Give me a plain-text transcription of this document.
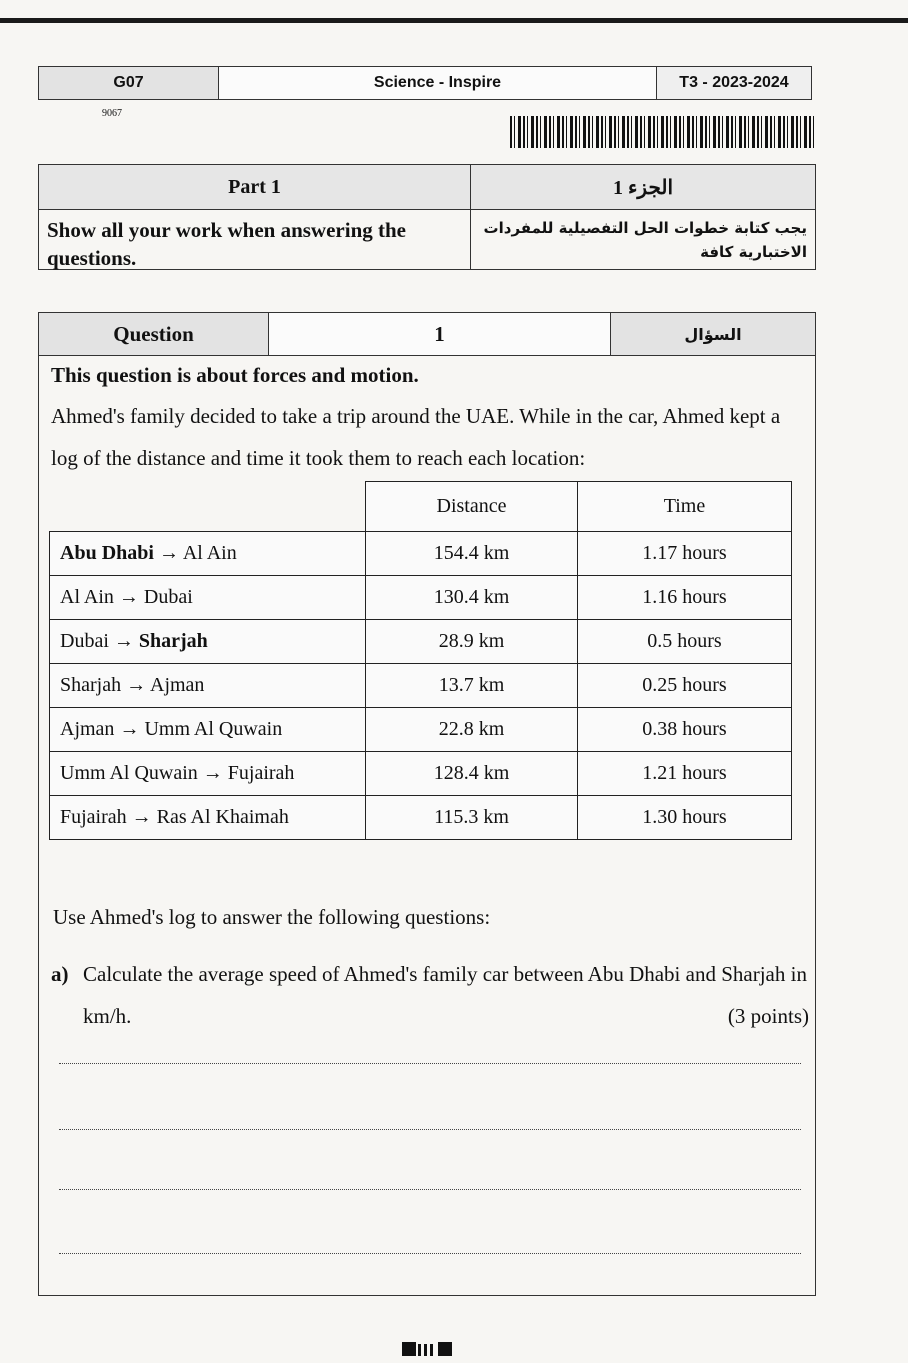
G07	Science - Inspire	T3 - 2023-2024
9067
Part 1	الجزء 1
Show all your work when answering the questions.
يجب كتابة خطوات الحل التفصيلية للمفردات الاختبارية كافة
Question	1	السؤال
This question is about forces and motion.
Ahmed's family decided to take a trip around the UAE. While in the car, Ahmed kept a log of the distance and time it took them to reach each location:
	Distance	Time
Abu Dhabi → Al Ain	154.4 km	1.17 hours
Al Ain → Dubai	130.4 km	1.16 hours
Dubai → Sharjah	28.9 km	0.5 hours
Sharjah → Ajman	13.7 km	0.25 hours
Ajman → Umm Al Quwain	22.8 km	0.38 hours
Umm Al Quwain → Fujairah	128.4 km	1.21 hours
Fujairah → Ras Al Khaimah	115.3 km	1.30 hours
Use Ahmed's log to answer the following questions:
a) Calculate the average speed of Ahmed's family car between Abu Dhabi and Sharjah in km/h.	(3 points)
